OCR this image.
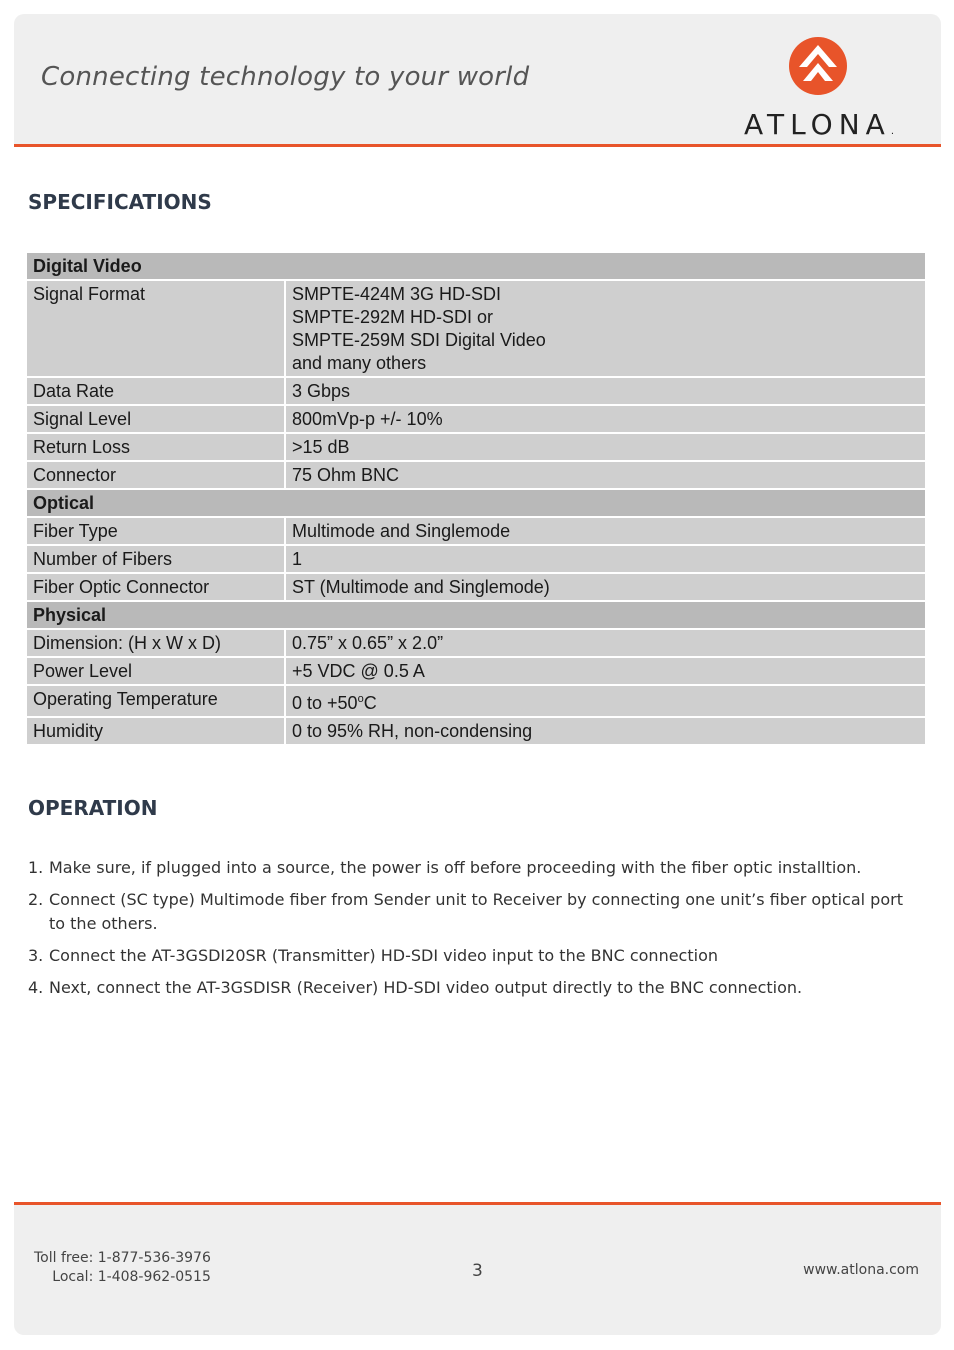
Connecting technology to your world
ATLONA.
SPECIFICATIONS
Digital Video	
Signal Format	SMPTE-424M 3G HD-SDI
SMPTE-292M HD-SDI or
SMPTE-259M SDI Digital Video
and many others

Data Rate	3 Gbps
Signal Level	800mVp-p +/- 10%
Return Loss	>15 dB
Connector	75 Ohm BNC
Optical	
Fiber Type	Multimode and Singlemode
Number of Fibers	1
Fiber Optic Connector	ST (Multimode and Singlemode)
Physical	
Dimension: (H x W x D)	0.75” x 0.65” x 2.0”
Power Level	+5 VDC @ 0.5 A
Operating Temperature	0 to $+50^oC$
Humidity	0 to 95% RH, non-condensing
OPERATION
1. Make sure, if plugged into a source, the power is off before proceeding with the fiber optic installtion.
2. Connect (SC type) Multimode fiber from Sender unit to Receiver by connecting one unit’s fiber optical port to the others.
3. Connect the AT-3GSDI20SR (Transmitter) HD-SDI video input to the BNC connection
4. Next, connect the AT-3GSDISR (Receiver) HD-SDI video output directly to the BNC connection.
Toll free: 1-877-536-3976
Local: 1-408-962-0515	3	www.atlona.com
